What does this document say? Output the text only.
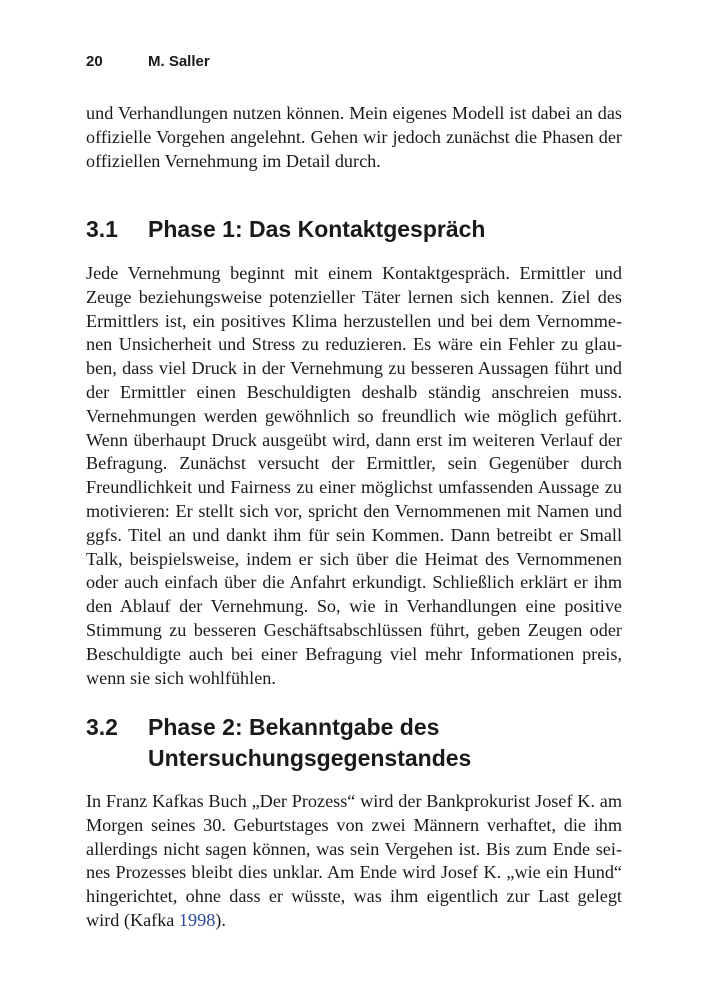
20	M. Saller

und Verhandlungen nutzen können. Mein eigenes Modell ist dabei an das offizielle Vorgehen angelehnt. Gehen wir jedoch zunächst die Phasen der offiziellen Vernehmung im Detail durch.

3.1 Phase 1: Das Kontaktgespräch

Jede Vernehmung beginnt mit einem Kontaktgespräch. Ermittler und Zeuge beziehungsweise potenzieller Täter lernen sich kennen. Ziel des Ermittlers ist, ein positives Klima herzustellen und bei dem Vernommenen Unsicherheit und Stress zu reduzieren. Es wäre ein Fehler zu glauben, dass viel Druck in der Vernehmung zu besseren Aussagen führt und der Ermittler einen Beschuldigten deshalb ständig anschreien muss. Vernehmungen werden gewöhnlich so freundlich wie möglich geführt. Wenn überhaupt Druck ausgeübt wird, dann erst im weiteren Verlauf der Befragung. Zunächst versucht der Ermittler, sein Gegenüber durch Freundlichkeit und Fairness zu einer möglichst umfassenden Aussage zu motivieren: Er stellt sich vor, spricht den Vernommenen mit Namen und ggfs. Titel an und dankt ihm für sein Kommen. Dann betreibt er Small Talk, beispielsweise, indem er sich über die Heimat des Vernommenen oder auch einfach über die Anfahrt erkundigt. Schließlich erklärt er ihm den Ablauf der Vernehmung. So, wie in Verhandlungen eine positive Stimmung zu besseren Geschäftsabschlüssen führt, geben Zeugen oder Beschuldigte auch bei einer Befragung viel mehr Informationen preis, wenn sie sich wohlfühlen.

3.2 Phase 2: Bekanntgabe des Untersuchungsgegenstandes

In Franz Kafkas Buch „Der Prozess“ wird der Bankprokurist Josef K. am Morgen seines 30. Geburtstages von zwei Männern verhaftet, die ihm allerdings nicht sagen können, was sein Vergehen ist. Bis zum Ende seines Prozesses bleibt dies unklar. Am Ende wird Josef K. „wie ein Hund“ hingerichtet, ohne dass er wüsste, was ihm eigentlich zur Last gelegt wird (Kafka 1998).
